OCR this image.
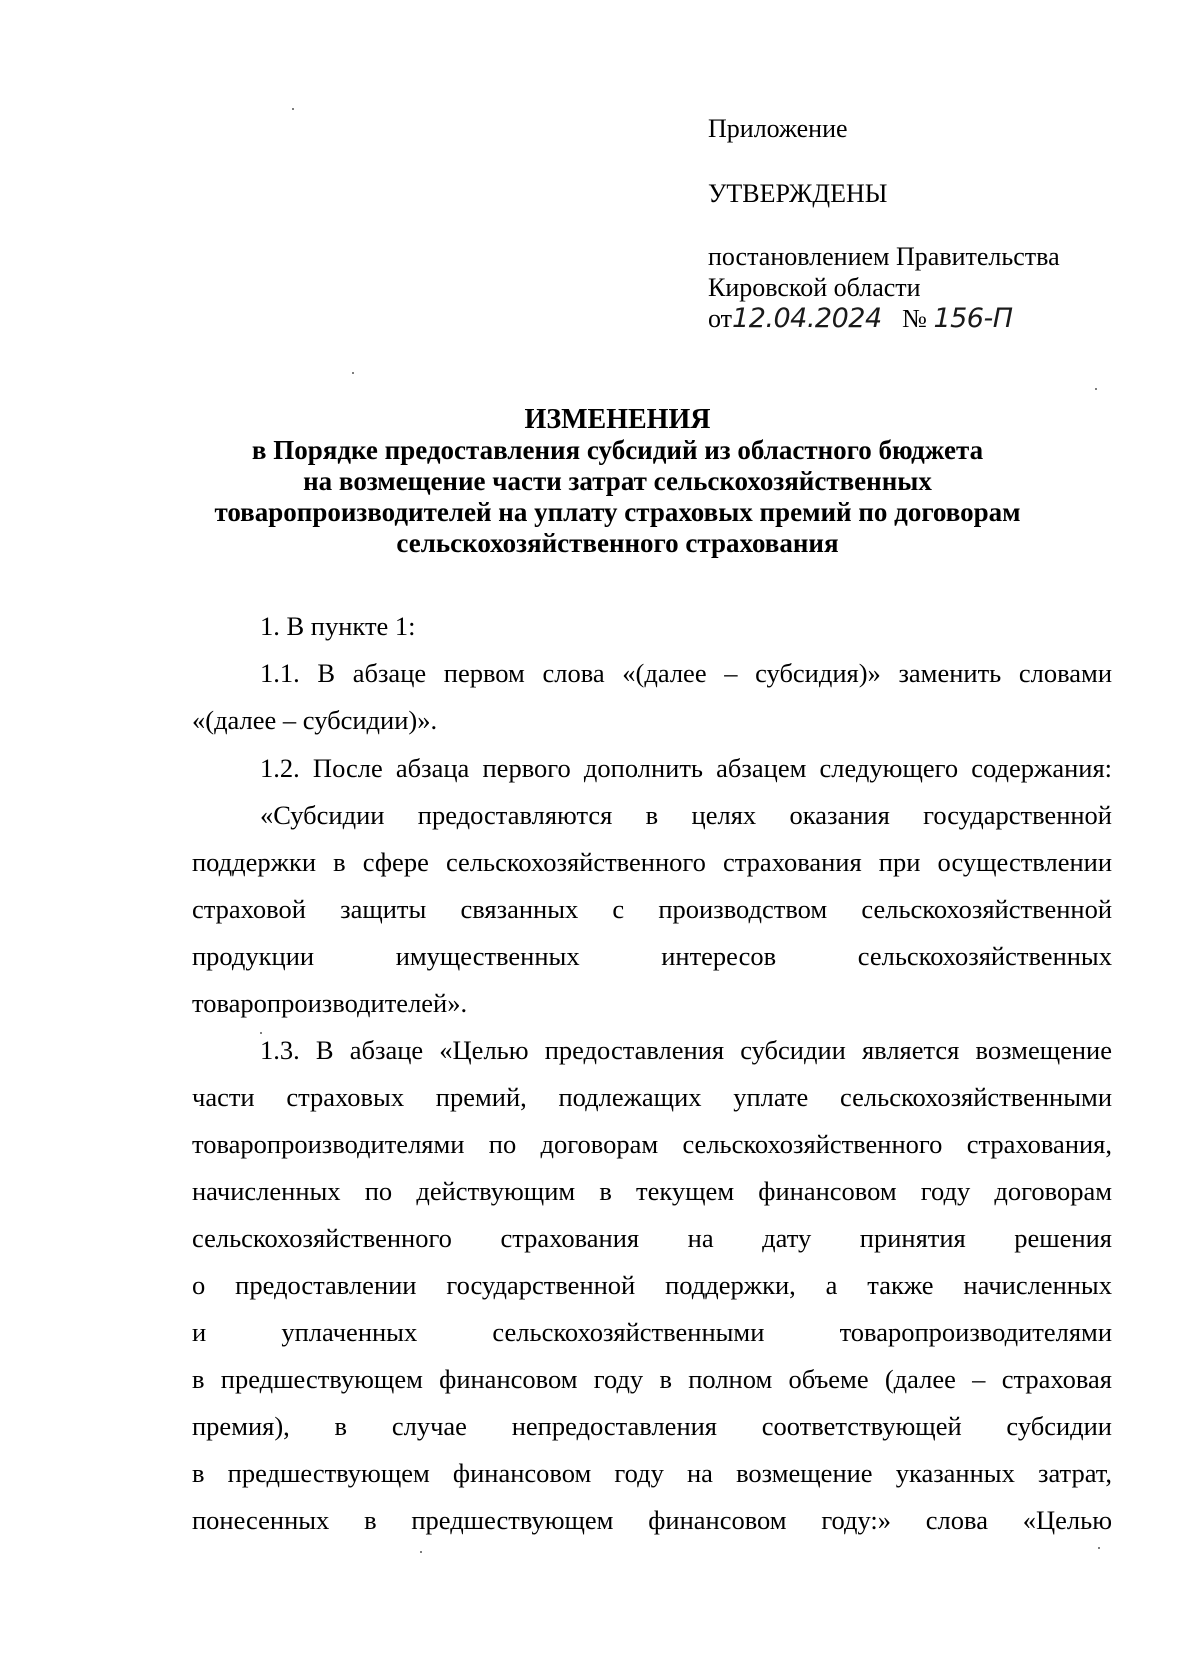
Приложение
УТВЕРЖДЕНЫ
постановлением Правительства
Кировской области
от12.04.2024 № 156-П
ИЗМЕНЕНИЯ
в Порядке предоставления субсидий из областного бюджета
на возмещение части затрат сельскохозяйственных
товаропроизводителей на уплату страховых премий по договорам
сельскохозяйственного страхования
1. В пункте 1:
1.1. В абзаце первом слова «(далее – субсидия)» заменить словами
«(далее – субсидии)».
1.2. После абзаца первого дополнить абзацем следующего содержания:
«Субсидии предоставляются в целях оказания государственной
поддержки в сфере сельскохозяйственного страхования при осуществлении
страховой защиты связанных с производством сельскохозяйственной
продукции имущественных интересов сельскохозяйственных
товаропроизводителей».
1.3. В абзаце «Целью предоставления субсидии является возмещение
части страховых премий, подлежащих уплате сельскохозяйственными
товаропроизводителями по договорам сельскохозяйственного страхования,
начисленных по действующим в текущем финансовом году договорам
сельскохозяйственного страхования на дату принятия решения
о предоставлении государственной поддержки, а также начисленных
и уплаченных сельскохозяйственными товаропроизводителями
в предшествующем финансовом году в полном объеме (далее – страховая
премия), в случае непредоставления соответствующей субсидии
в предшествующем финансовом году на возмещение указанных затрат,
понесенных в предшествующем финансовом году:» слова «Целью
